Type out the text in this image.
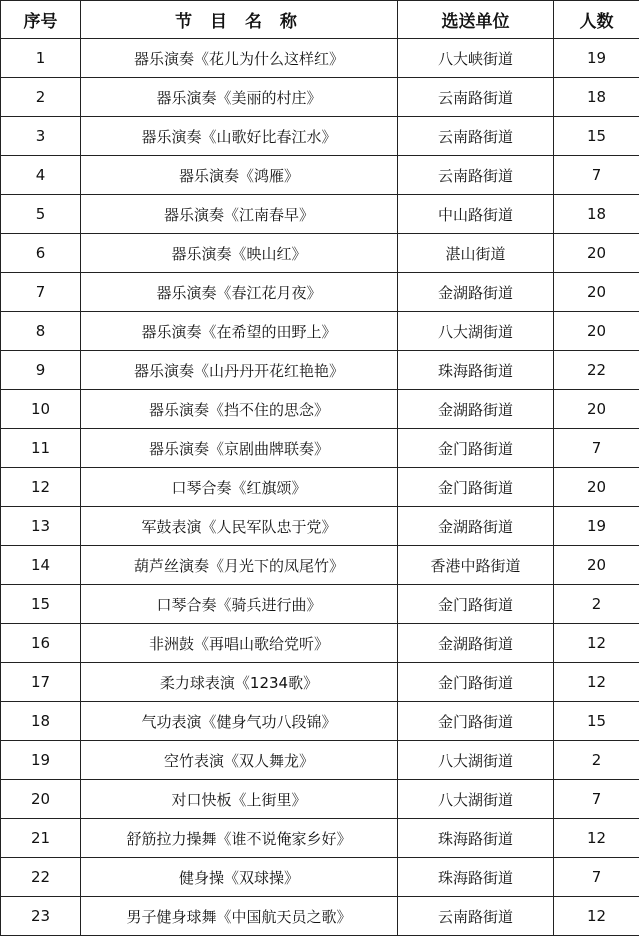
序号	节 目 名 称	选送单位	人数
1	器乐演奏《花儿为什么这样红》	八大峡街道	19
2	器乐演奏《美丽的村庄》	云南路街道	18
3	器乐演奏《山歌好比春江水》	云南路街道	15
4	器乐演奏《鸿雁》	云南路街道	7
5	器乐演奏《江南春早》	中山路街道	18
6	器乐演奏《映山红》	湛山街道	20
7	器乐演奏《春江花月夜》	金湖路街道	20
8	器乐演奏《在希望的田野上》	八大湖街道	20
9	器乐演奏《山丹丹开花红艳艳》	珠海路街道	22
10	器乐演奏《挡不住的思念》	金湖路街道	20
11	器乐演奏《京剧曲牌联奏》	金门路街道	7
12	口琴合奏《红旗颂》	金门路街道	20
13	军鼓表演《人民军队忠于党》	金湖路街道	19
14	葫芦丝演奏《月光下的凤尾竹》	香港中路街道	20
15	口琴合奏《骑兵进行曲》	金门路街道	2
16	非洲鼓《再唱山歌给党听》	金湖路街道	12
17	柔力球表演《1234歌》	金门路街道	12
18	气功表演《健身气功八段锦》	金门路街道	15
19	空竹表演《双人舞龙》	八大湖街道	2
20	对口快板《上街里》	八大湖街道	7
21	舒筋拉力操舞《谁不说俺家乡好》	珠海路街道	12
22	健身操《双球操》	珠海路街道	7
23	男子健身球舞《中国航天员之歌》	云南路街道	12
